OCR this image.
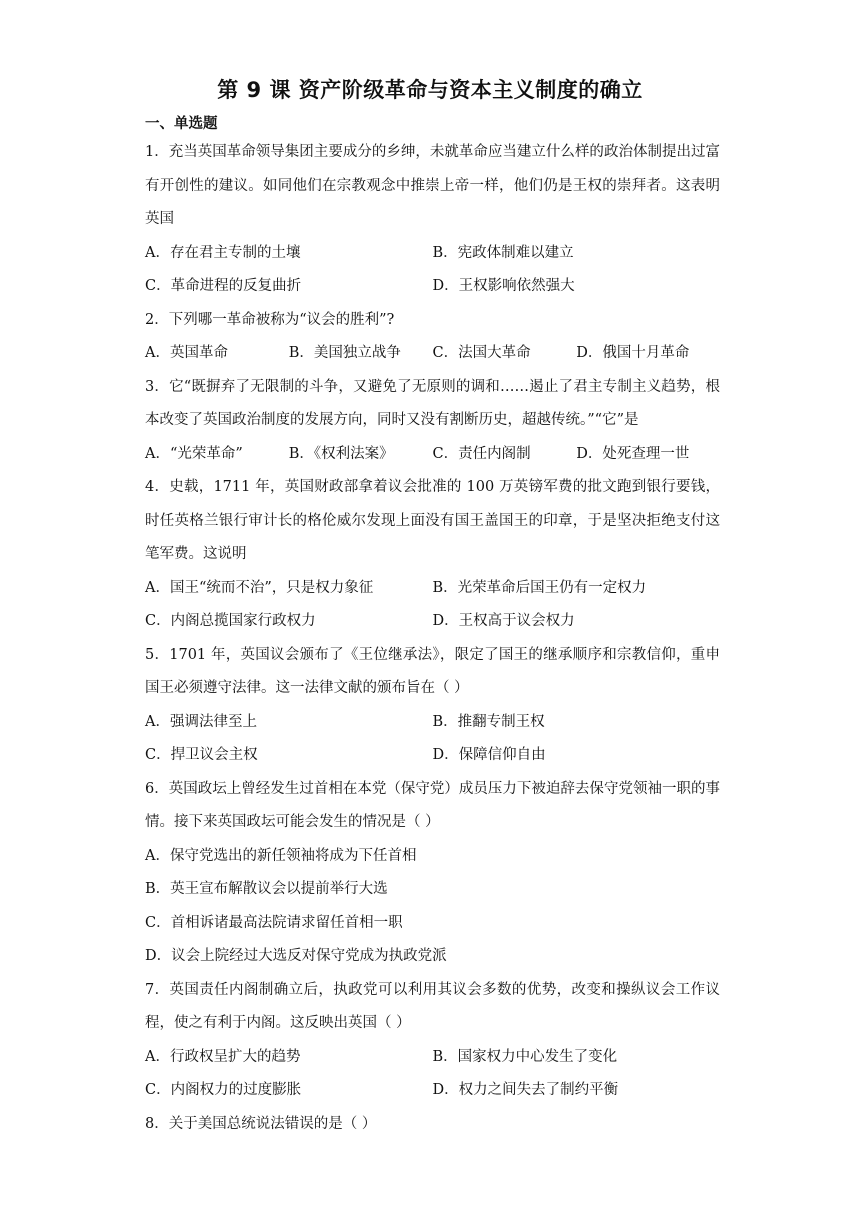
第 9 课 资产阶级革命与资本主义制度的确立
一、单选题
1．充当英国革命领导集团主要成分的乡绅，未就革命应当建立什么样的政治体制提出过富有开创性的建议。如同他们在宗教观念中推崇上帝一样，他们仍是王权的崇拜者。这表明英国
A．存在君主专制的土壤	B．宪政体制难以建立
C．革命进程的反复曲折	D．王权影响依然强大
2．下列哪一革命被称为“议会的胜利”?
A．英国革命	B．美国独立战争	C．法国大革命	D．俄国十月革命
3．它“既摒弃了无限制的斗争，又避免了无原则的调和……遏止了君主专制主义趋势，根本改变了英国政治制度的发展方向，同时又没有割断历史，超越传统。”“它”是
A．“光荣革命”	B．《权利法案》	C．责任内阁制	D．处死查理一世
4．史载，1711 年，英国财政部拿着议会批准的 100 万英镑军费的批文跑到银行要钱，时任英格兰银行审计长的格伦威尔发现上面没有国王盖国王的印章，于是坚决拒绝支付这笔军费。这说明
A．国王“统而不治”，只是权力象征	B．光荣革命后国王仍有一定权力
C．内阁总揽国家行政权力	D．王权高于议会权力
5．1701 年，英国议会颁布了《王位继承法》，限定了国王的继承顺序和宗教信仰，重申国王必须遵守法律。这一法律文献的颁布旨在（ ）
A．强调法律至上	B．推翻专制王权
C．捍卫议会主权	D．保障信仰自由
6．英国政坛上曾经发生过首相在本党（保守党）成员压力下被迫辞去保守党领袖一职的事情。接下来英国政坛可能会发生的情况是（ ）
A．保守党选出的新任领袖将成为下任首相
B．英王宣布解散议会以提前举行大选
C．首相诉诸最高法院请求留任首相一职
D．议会上院经过大选反对保守党成为执政党派
7．英国责任内阁制确立后，执政党可以利用其议会多数的优势，改变和操纵议会工作议程，使之有利于内阁。这反映出英国（ ）
A．行政权呈扩大的趋势	B．国家权力中心发生了变化
C．内阁权力的过度膨胀	D．权力之间失去了制约平衡
8．关于美国总统说法错误的是（ ）
